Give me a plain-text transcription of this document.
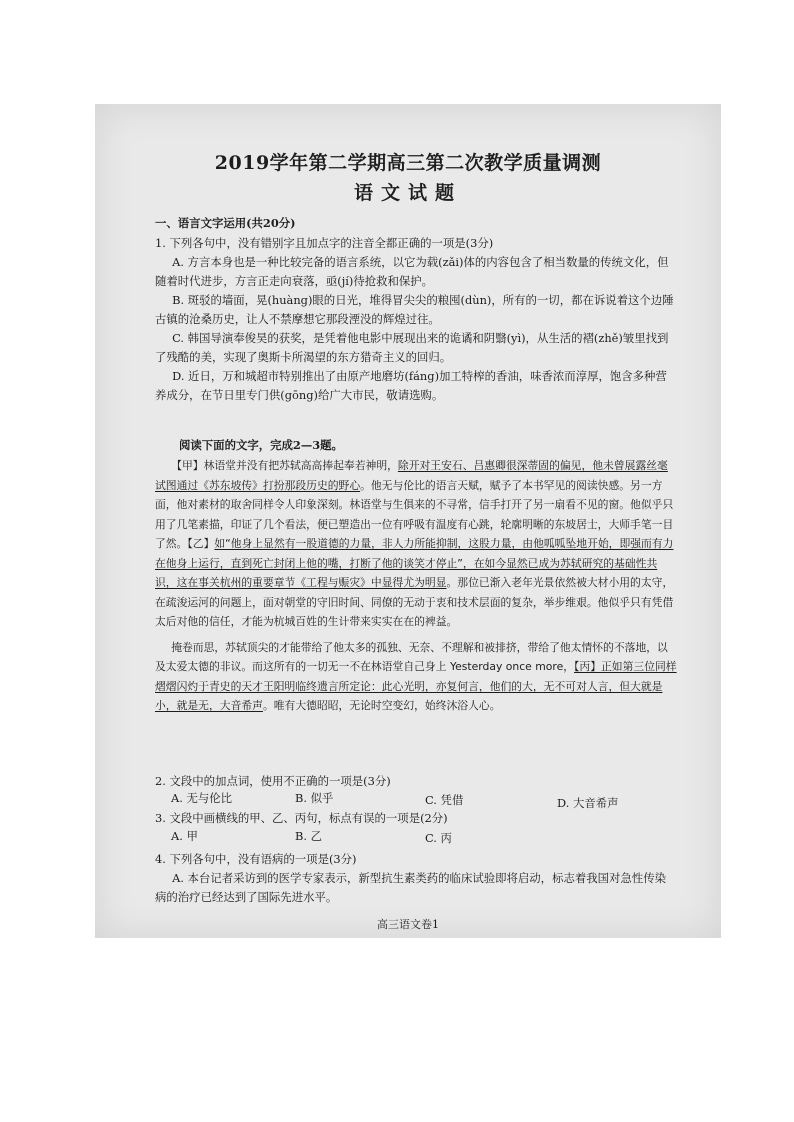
2019学年第二学期高三第二次教学质量调测
语文试题
一、语言文字运用(共20分)

1. 下列各句中，没有错别字且加点字的注音全都正确的一项是(3分)

A. 方言本身也是一种比较完备的语言系统，以它为载(zǎi)体的内容包含了相当数量的传统文化，但随着时代进步，方言正走向衰落，亟(jí)待抢救和保护。

B. 斑驳的墙面，晃(huàng)眼的日光，堆得冒尖尖的粮囤(dùn)，所有的一切，都在诉说着这个边陲古镇的沧桑历史，让人不禁摩想它那段湮没的辉煌过往。

C. 韩国导演奉俊昊的获奖，是凭着他电影中展现出来的诡谲和阴翳(yì)，从生活的褶(zhě)皱里找到了残酷的美，实现了奥斯卡所渴望的东方猎奇主义的回归。

D. 近日，万和城超市特别推出了由原产地磨坊(fáng)加工特榨的香油，味香浓而淳厚，饱含多种营养成分，在节日里专门供(gōng)给广大市民，敬请选购。

阅读下面的文字，完成2—3题。

【甲】林语堂并没有把苏轼高高捧起奉若神明，除开对王安石、吕惠卿很深蒂固的偏见，他未曾展露丝毫试图通过《苏东坡传》打扮那段历史的野心。他无与伦比的语言天赋，赋予了本书罕见的阅读快感。另一方面，他对素材的取舍同样令人印象深刻。林语堂与生俱来的不寻常，信手打开了另一扇看不见的窗。他似乎只用了几笔素描，印证了几个看法，便已塑造出一位有呼吸有温度有心跳，轮廓明晰的东坡居士，大师手笔一目了然。【乙】如“他身上显然有一股道德的力量，非人力所能抑制，这股力量，由他呱呱坠地开始，即强而有力在他身上运行，直到死亡封闭上他的嘴，打断了他的谈笑才停止”，在如今显然已成为苏轼研究的基础性共识，这在事关杭州的重要章节《工程与赈灾》中显得尤为明显。那位已渐入老年光景依然被大材小用的太守，在疏浚运河的问题上，面对朝堂的守旧时间、同僚的无动于衷和技术层面的复杂，举步维艰。他似乎只有凭借太后对他的信任，才能为杭城百姓的生计带来实实在在的裨益。

掩卷而思，苏轼顶尖的才能带给了他太多的孤独、无奈、不理解和被排挤，带给了他太情怀的不落地，以及太爱太德的非议。而这所有的一切无一不在林语堂自己身上 Yesterday once more，【丙】正如第三位同样熠熠闪灼于青史的天才王阳明临终遗言所定论：此心光明，亦复何言，他们的大，无不可对人言，但大就是小，就是无，大音希声。唯有大德昭昭，无论时空变幻，始终沐浴人心。

2. 文段中的加点词，使用不正确的一项是(3分)
A. 无与伦比	B. 似乎	C. 凭借	D. 大音希声
3. 文段中画横线的甲、乙、丙句，标点有误的一项是(2分)
A. 甲	B. 乙	C. 丙

4. 下列各句中，没有语病的一项是(3分)

A. 本台记者采访到的医学专家表示，新型抗生素类药的临床试验即将启动，标志着我国对急性传染病的治疗已经达到了国际先进水平。

高三语文卷1
